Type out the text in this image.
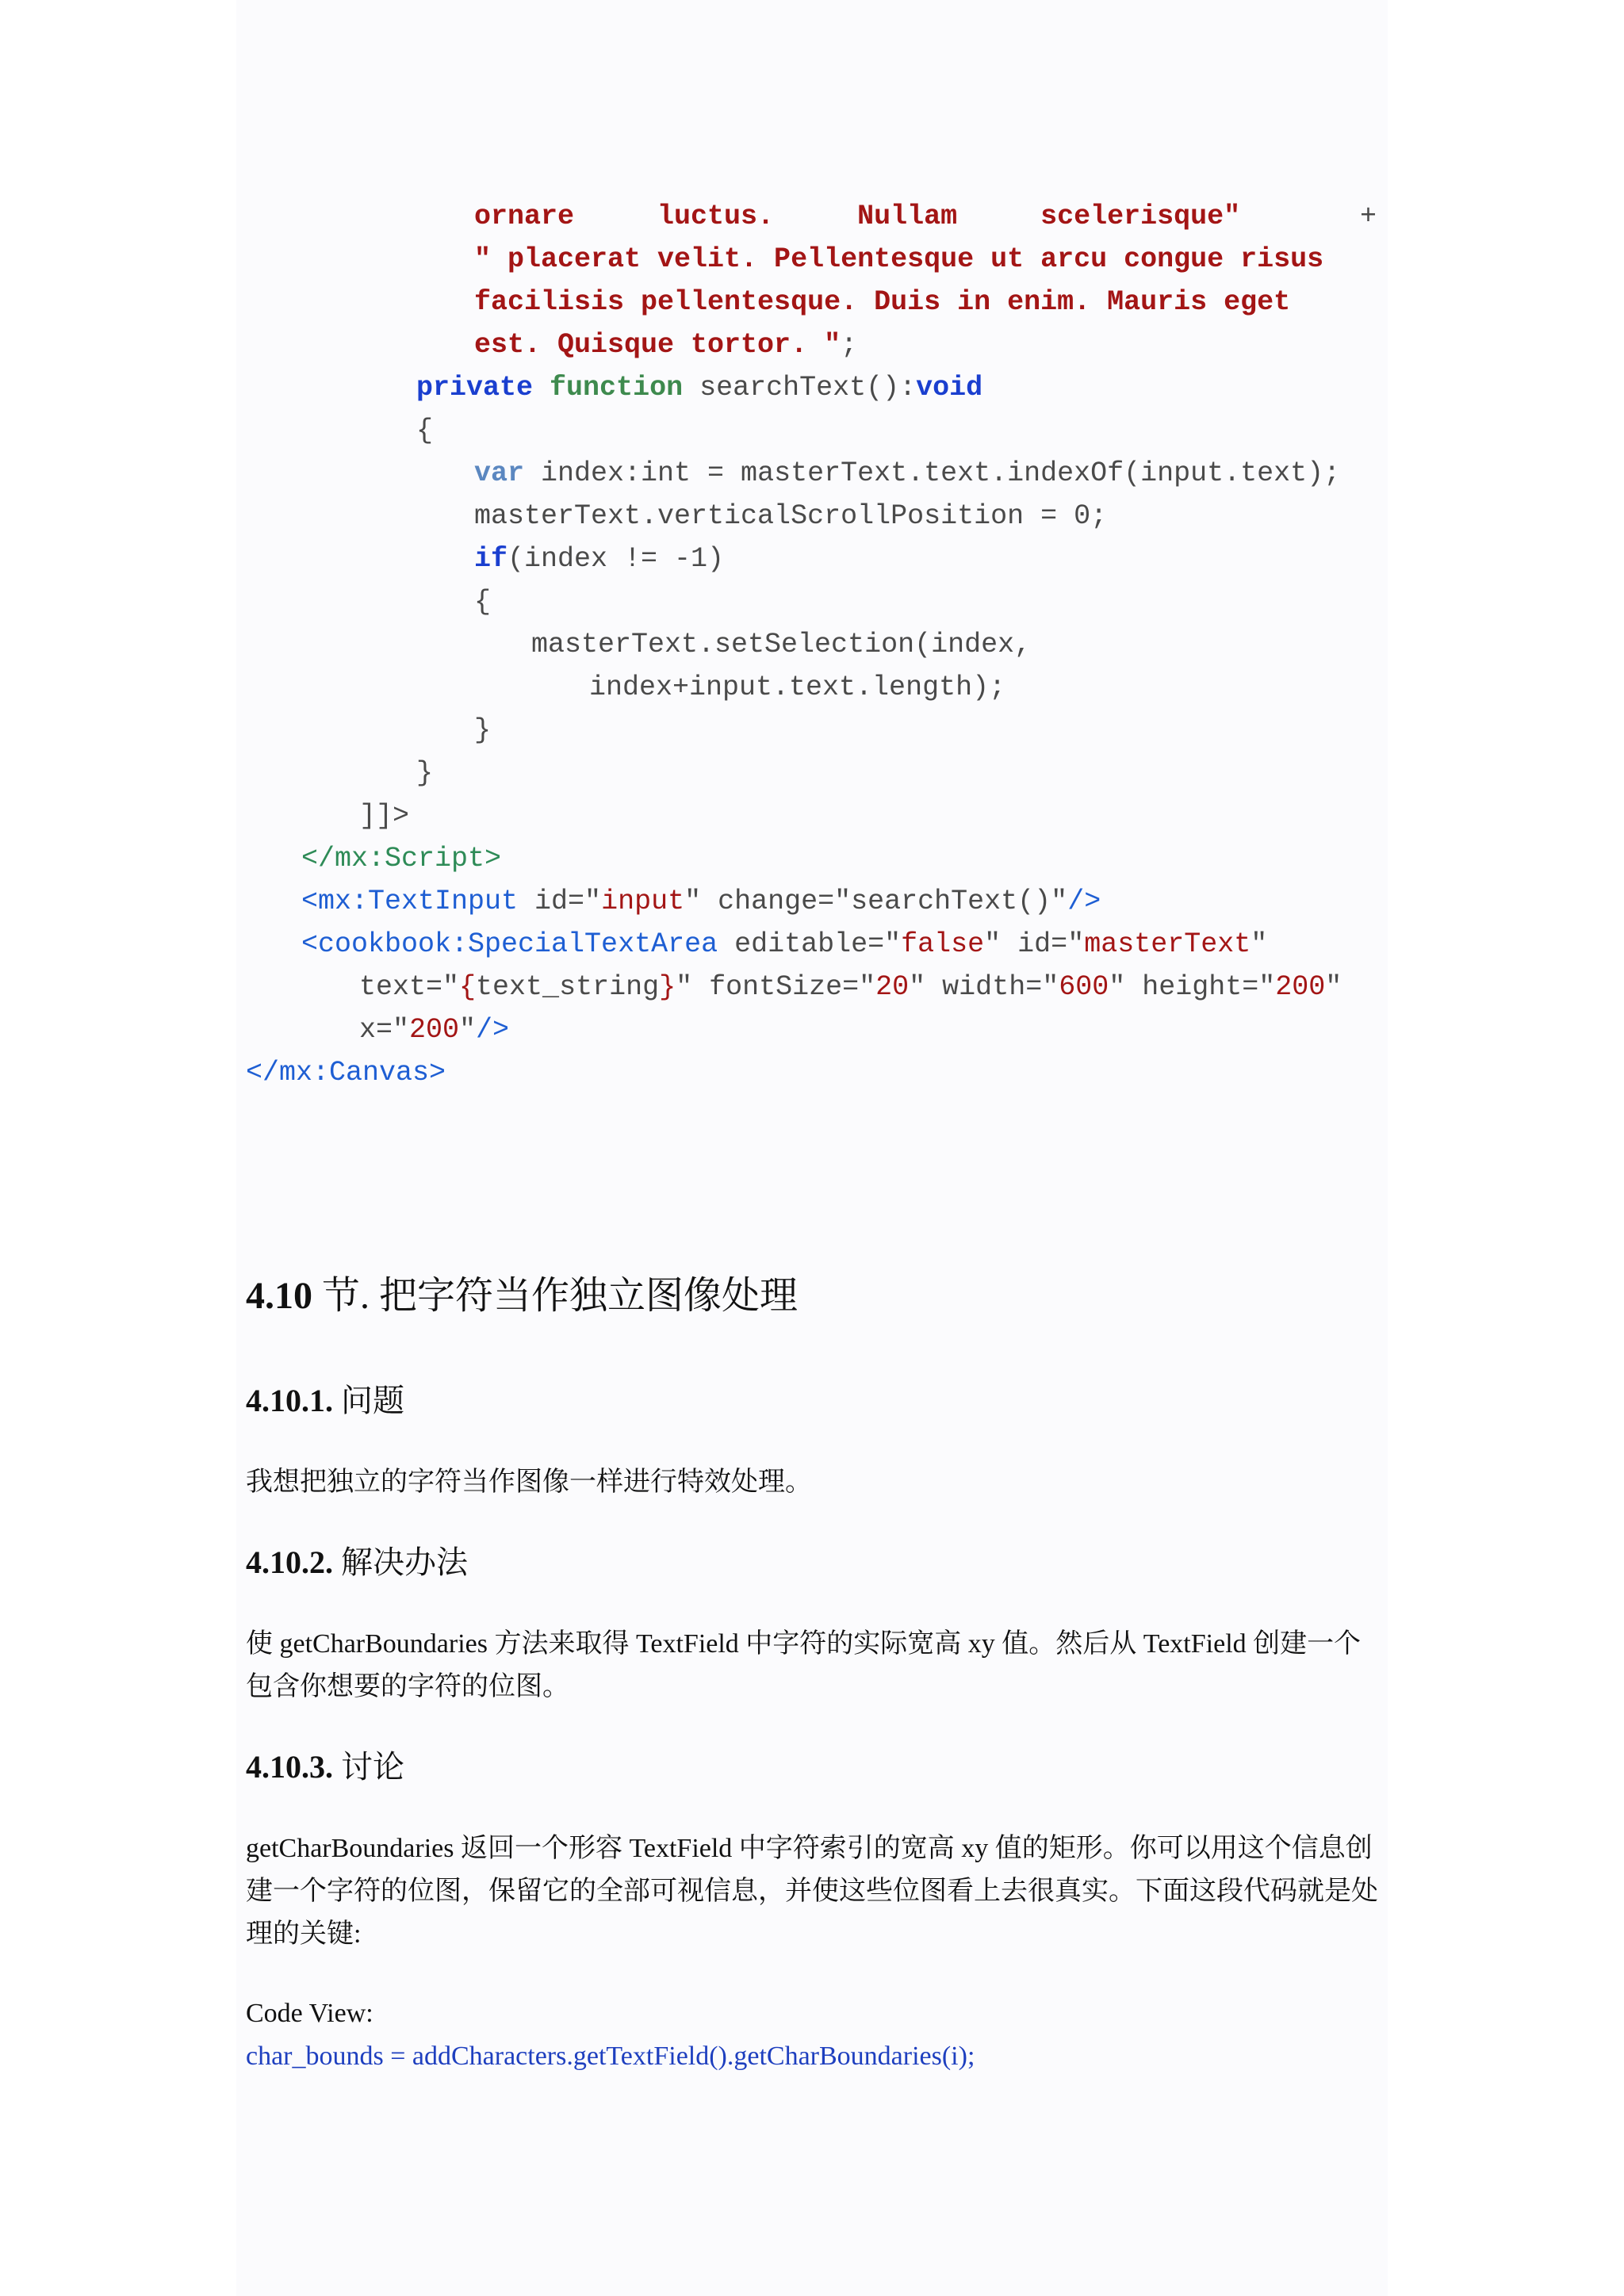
ornare     luctus.     Nullam     scelerisque"	+
" placerat velit. Pellentesque ut arcu congue risus
facilisis pellentesque. Duis in enim. Mauris eget
est. Quisque tortor. ";
private function searchText():void
{
var index:int = masterText.text.indexOf(input.text);
masterText.verticalScrollPosition = 0;
if(index != -1)
{
masterText.setSelection(index,
index+input.text.length);
}
}
]]>
</mx:Script>
<mx:TextInput id="input" change="searchText()"/>
<cookbook:SpecialTextArea editable="false" id="masterText"
text="{text_string}" fontSize="20" width="600" height="200"
x="200"/>
</mx:Canvas>
4.10 节. 把字符当作独立图像处理
4.10.1. 问题
我想把独立的字符当作图像一样进行特效处理。
4.10.2. 解决办法
使 getCharBoundaries 方法来取得 TextField 中字符的实际宽高 xy 值。然后从 TextField 创建一个包含你想要的字符的位图。
4.10.3. 讨论
getCharBoundaries 返回一个形容 TextField 中字符索引的宽高 xy 值的矩形。你可以用这个信息创建一个字符的位图，保留它的全部可视信息，并使这些位图看上去很真实。下面这段代码就是处理的关键:
Code View:
char_bounds = addCharacters.getTextField().getCharBoundaries(i);
